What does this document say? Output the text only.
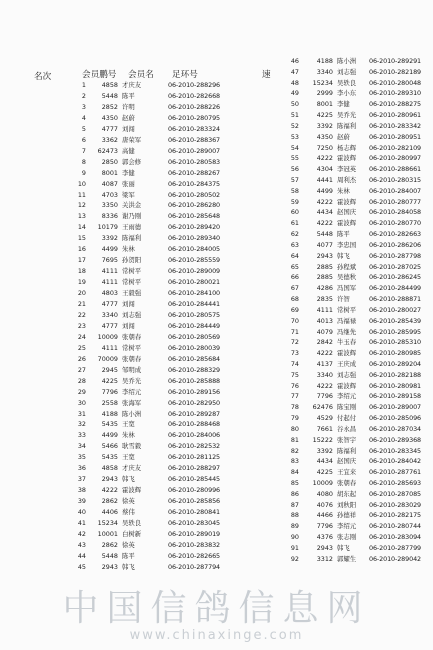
名次	会员鹏号 会员名 足环号	速
1	4858 才庆友	06-2010-288296
2	5448 陈平	06-2010-282668
3	2852 许明	06-2010-288226
4	4350 赵蔚	06-2010-280795
5	4777 刘闯	06-2010-283324
6	3362 唐荣军	06-2010-288367
7	62473 高健	06-2010-289007
8	2850 郭会修	06-2010-280583
9	8001 李健	06-2010-288267
10	4087 张丽	06-2010-284375
11	4703 梁军	06-2010-280502
12	3350 关洪金	06-2010-286280
13	8336 谢乃刚	06-2010-285648
14	10179 王雨德	06-2010-289420
15	3392 陈福利	06-2010-289340
16	4499 朱林	06-2010-284005
17	7695 孙贺阳	06-2010-285559
18	4111 常树平	06-2010-289009
19	4111 常树平	06-2010-280021
20	4803 王毅强	06-2010-284100
21	4777 刘闯	06-2010-284441
22	3340 刘志强	06-2010-280575
23	4777 刘闯	06-2010-284449
24	10009 张朝春	06-2010-280569
25	4111 常树平	06-2010-280039
26	70009 张朝春	06-2010-285684
27	2945 邹明成	06-2010-288329
28	4225 吴乔光	06-2010-285888
29	7796 李绍元	06-2010-289156
30	2558 张海军	06-2010-282950
31	4188 陈小洲	06-2010-289287
32	5435 王宽	06-2010-288468
33	4499 朱林	06-2010-284006
34	5466 耿雪毅	06-2010-282532
35	5435 王宽	06-2010-281125
36	4858 才庆友	06-2010-288297
37	2943 韩飞	06-2010-285445
38	4222 霍波辉	06-2010-280996
39	2862 徐英	06-2010-285856
40	4406 蔡伟	06-2010-280841
41	15234 吴轶良	06-2010-283045
42	10001 白树新	06-2010-289019
43	2862 徐英	06-2010-283832
44	5448 陈平	06-2010-282665
45	2943 韩飞	06-2010-287794
46	4188 陈小洲	06-2010-289291
47	3340 刘志强	06-2010-282189
48	15234 吴轶良	06-2010-280048
49	2999 李小东	06-2010-289310
50	8001 李健	06-2010-288275
51	4225 吴乔光	06-2010-280961
52	3392 陈福利	06-2010-283342
53	4350 赵蔚	06-2010-280951
54	7250 杨志辉	06-2010-282109
55	4222 霍波辉	06-2010-280997
56	4304 李冠英	06-2010-288661
57	4441 周利杰	06-2010-280315
58	4499 朱林	06-2010-284007
59	4222 霍波辉	06-2010-280777
60	4434 赵国庆	06-2010-284058
61	4222 霍波辉	06-2010-280770
62	5448 陈平	06-2010-282663
63	4077 李忠国	06-2010-286206
64	2943 韩飞	06-2010-287798
65	2885 孙程斌	06-2010-287025
66	2885 吴德秋	06-2010-286245
67	4286 冯国军	06-2010-284499
68	2835 许智	06-2010-288871
69	4111 常树平	06-2010-280027
70	4013 冯福禄	06-2010-285439
71	4079 冯继先	06-2010-285995
72	2842 牛玉春	06-2010-285310
73	4222 霍波辉	06-2010-280985
74	4137 王庆成	06-2010-289204
75	3340 刘志强	06-2010-282188
76	4222 霍波辉	06-2010-280981
77	7796 李绍元	06-2010-289158
78	62476 陈宝刚	06-2010-289007
79	4529 付起付	06-2010-285096
80	7661 谷永昌	06-2010-287034
81	15222 张智宇	06-2010-289368
82	3392 陈福利	06-2010-283345
83	4434 赵国庆	06-2010-284042
84	4225 王宜来	06-2010-287761
85	10009 张朝春	06-2010-285693
86	4080 胡东起	06-2010-287085
87	4076 刘秋阳	06-2010-283029
88	4466 孙德祥	06-2010-282175
89	7796 李绍元	06-2010-280744
90	4376 张志刚	06-2010-283094
91	2943 韩飞	06-2010-287799
92	3312 郭耀生	06-2010-289042
中国信鸽信息网
www.chinaxinge.com
